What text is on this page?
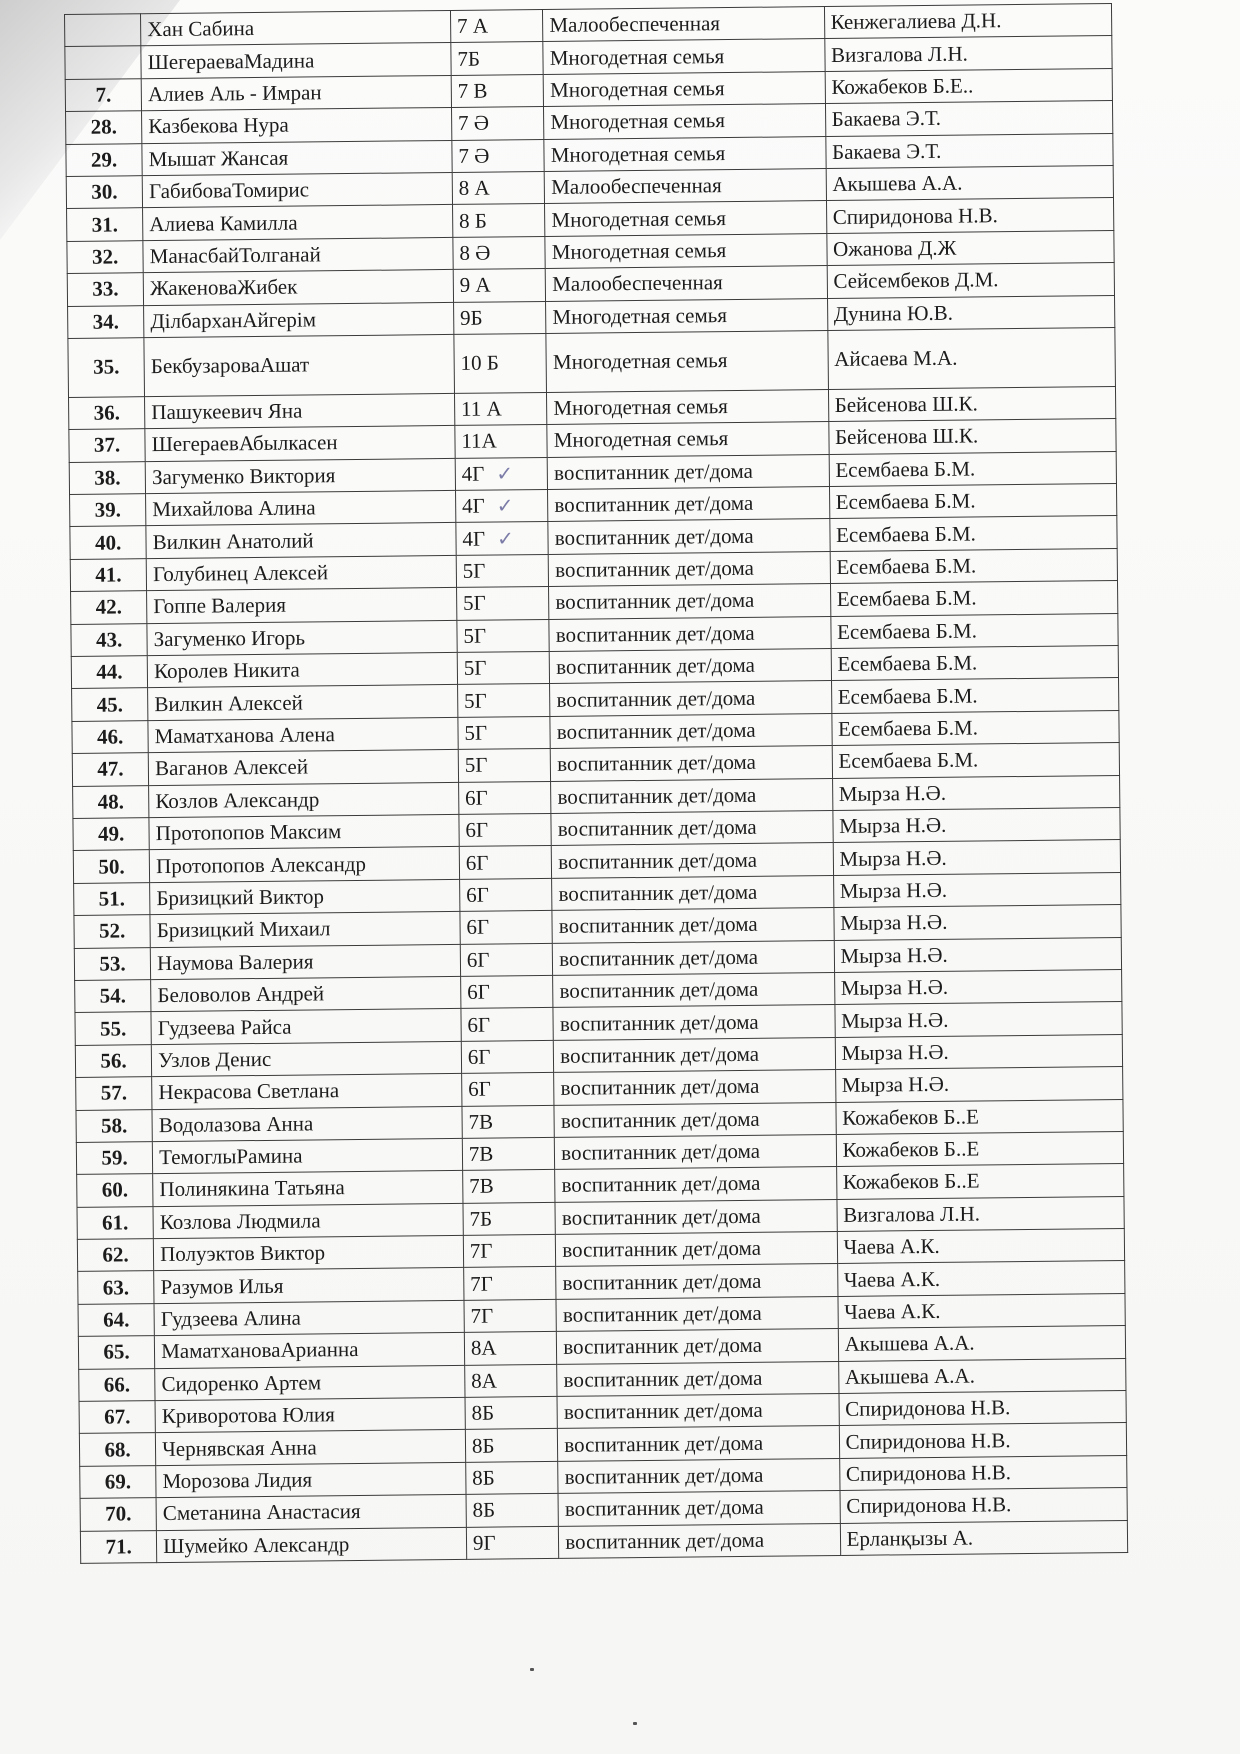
	Хан Сабина	7 А	Малообеспеченная	Кенжегалиева Д.Н.
	ШегераеваМадина	7Б	Многодетная семья	Визгалова Л.Н.
7.	Алиев Аль - Имран	7 В	Многодетная семья	Кожабеков Б.Е..
28.	Казбекова Нура	7 Ә	Многодетная семья	Бакаева Э.Т.
29.	Мышат Жансая	7 Ә	Многодетная семья	Бакаева Э.Т.
30.	ГабибоваТомирис	8 А	Малообеспеченная	Акышева А.А.
31.	Алиева Камилла	8 Б	Многодетная семья	Спиридонова Н.В.
32.	МанасбайТолганай	8 Ә	Многодетная семья	Ожанова Д.Ж
33.	ЖакеноваЖибек	9 А	Малообеспеченная	Сейсембеков Д.М.
34.	ДiлбарханАйгерiм	9Б	Многодетная семья	Дунина Ю.В.
35.	БекбузароваАшат	10 Б	Многодетная семья	Айсаева М.А.
36.	Пашукеевич Яна	11 А	Многодетная семья	Бейсенова Ш.К.
37.	ШегераевАбылкасен	11А	Многодетная семья	Бейсенова Ш.К.
38.	Загуменко Виктория	4Г ✓	воспитанник дет/дома	Есембаева Б.М.
39.	Михайлова Алина	4Г ✓	воспитанник дет/дома	Есембаева Б.М.
40.	Вилкин Анатолий	4Г ✓	воспитанник дет/дома	Есембаева Б.М.
41.	Голубинец Алексей	5Г	воспитанник дет/дома	Есембаева Б.М.
42.	Гоппе Валерия	5Г	воспитанник дет/дома	Есембаева Б.М.
43.	Загуменко Игорь	5Г	воспитанник дет/дома	Есембаева Б.М.
44.	Королев Никита	5Г	воспитанник дет/дома	Есембаева Б.М.
45.	Вилкин Алексей	5Г	воспитанник дет/дома	Есембаева Б.М.
46.	Маматханова Алена	5Г	воспитанник дет/дома	Есембаева Б.М.
47.	Ваганов Алексей	5Г	воспитанник дет/дома	Есембаева Б.М.
48.	Козлов Александр	6Г	воспитанник дет/дома	Мырза Н.Ә.
49.	Протопопов Максим	6Г	воспитанник дет/дома	Мырза Н.Ә.
50.	Протопопов Александр	6Г	воспитанник дет/дома	Мырза Н.Ә.
51.	Бризицкий Виктор	6Г	воспитанник дет/дома	Мырза Н.Ә.
52.	Бризицкий Михаил	6Г	воспитанник дет/дома	Мырза Н.Ә.
53.	Наумова Валерия	6Г	воспитанник дет/дома	Мырза Н.Ә.
54.	Беловолов Андрей	6Г	воспитанник дет/дома	Мырза Н.Ә.
55.	Гудзеева Райса	6Г	воспитанник дет/дома	Мырза Н.Ә.
56.	Узлов Денис	6Г	воспитанник дет/дома	Мырза Н.Ә.
57.	Некрасова Светлана	6Г	воспитанник дет/дома	Мырза Н.Ә.
58.	Водолазова Анна	7В	воспитанник дет/дома	Кожабеков Б..Е
59.	ТемоглыРамина	7В	воспитанник дет/дома	Кожабеков Б..Е
60.	Полинякина Татьяна	7В	воспитанник дет/дома	Кожабеков Б..Е
61.	Козлова Людмила	7Б	воспитанник дет/дома	Визгалова Л.Н.
62.	Полуэктов Виктор	7Г	воспитанник дет/дома	Чаева А.К.
63.	Разумов Илья	7Г	воспитанник дет/дома	Чаева А.К.
64.	Гудзеева Алина	7Г	воспитанник дет/дома	Чаева А.К.
65.	МаматхановаАрианна	8А	воспитанник дет/дома	Акышева А.А.
66.	Сидоренко Артем	8А	воспитанник дет/дома	Акышева А.А.
67.	Криворотова Юлия	8Б	воспитанник дет/дома	Спиридонова Н.В.
68.	Чернявская Анна	8Б	воспитанник дет/дома	Спиридонова Н.В.
69.	Морозова Лидия	8Б	воспитанник дет/дома	Спиридонова Н.В.
70.	Сметанина Анастасия	8Б	воспитанник дет/дома	Спиридонова Н.В.
71.	Шумейко Александр	9Г	воспитанник дет/дома	Ерланқызы А.
